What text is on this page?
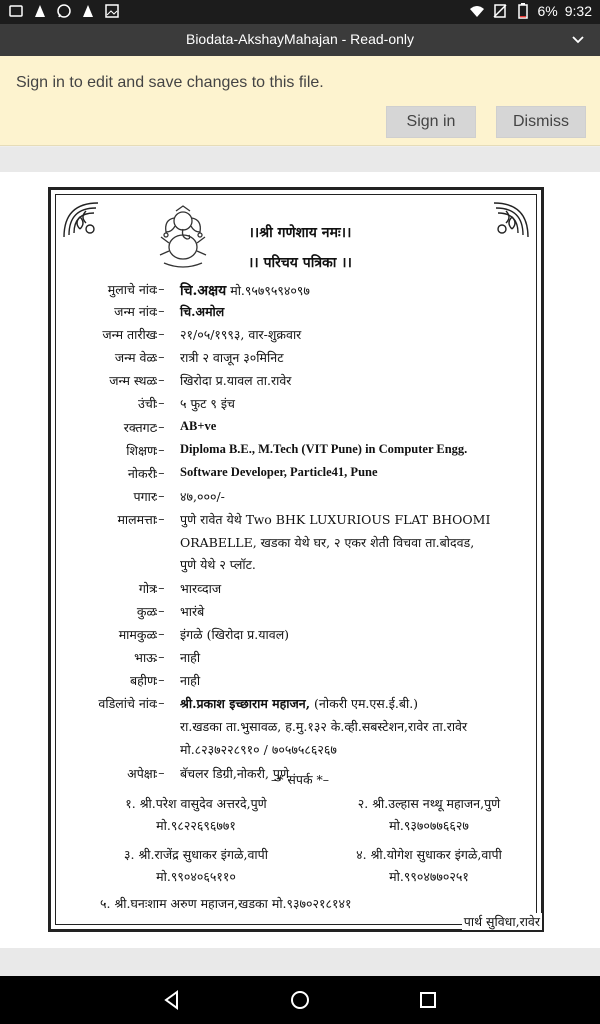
6% 9:32
Biodata-AkshayMahajan - Read-only
Sign in to edit and save changes to this file.
Sign in	Dismiss
।।श्री गणेशाय नमः।।
।। परिचय पत्रिका ।।
मुलाचे नांव
:– चि.अक्षय मो.९५७९५९४०९७
जन्म नांव
:– चि.अमोल
जन्म तारीख
:– २१/०५/१९९३, वार-शुक्रवार
जन्म वेळ
:– रात्री २ वाजून ३०मिनिट
जन्म स्थळ
:– खिरोदा प्र.यावल ता.रावेर
उंची
:– ५ फुट ९ इंच
रक्तगट
:– AB+ve
शिक्षण
:– Diploma B.E., M.Tech (VIT Pune) in Computer Engg.
नोकरी
:– Software Developer, Particle41, Pune
पगार
:– ४७,०००/-
मालमत्ता
:– पुणे रावेत येथे Two BHK LUXURIOUS FLAT BHOOMI
ORABELLE, खडका येथे घर, २ एकर शेती विचवा ता.बोदवड,
पुणे येथे २ प्लॉट.
गोत्र
:– भारव्दाज
कुळ
:– भारंबे
मामकुळ
:– इंगळे (खिरोदा प्र.यावल)
भाऊ
:– नाही
बहीण
:– नाही
वडिलांचे नांव
:– श्री.प्रकाश इच्छाराम महाजन, (नोकरी एम.एस.ई.बी.)
रा.खडका ता.भुसावळ, ह.मु.१३२ के.व्ही.सबस्टेशन,रावेर ता.रावेर
मो.८२३७२२८९१० / ७०५७५८६२६७
अपेक्षा
:– बॅचलर डिग्री,नोकरी, पुणे
–* संपर्क *–
१. श्री.परेश वासुदेव अत्तरदे,पुणे
मो.९८२२६९६७७१
२. श्री.उल्हास नथ्थू महाजन,पुणे
मो.९३७०७७६६२७
३. श्री.राजेंद्र सुधाकर इंगळे,वापी
मो.९९०४०६५११०
४. श्री.योगेश सुधाकर इंगळे,वापी
मो.९९०४७७०२५१
५. श्री.घनःशाम अरुण महाजन,खडका मो.९३७०२१८१४१
पार्थ सुविधा,रावेर
